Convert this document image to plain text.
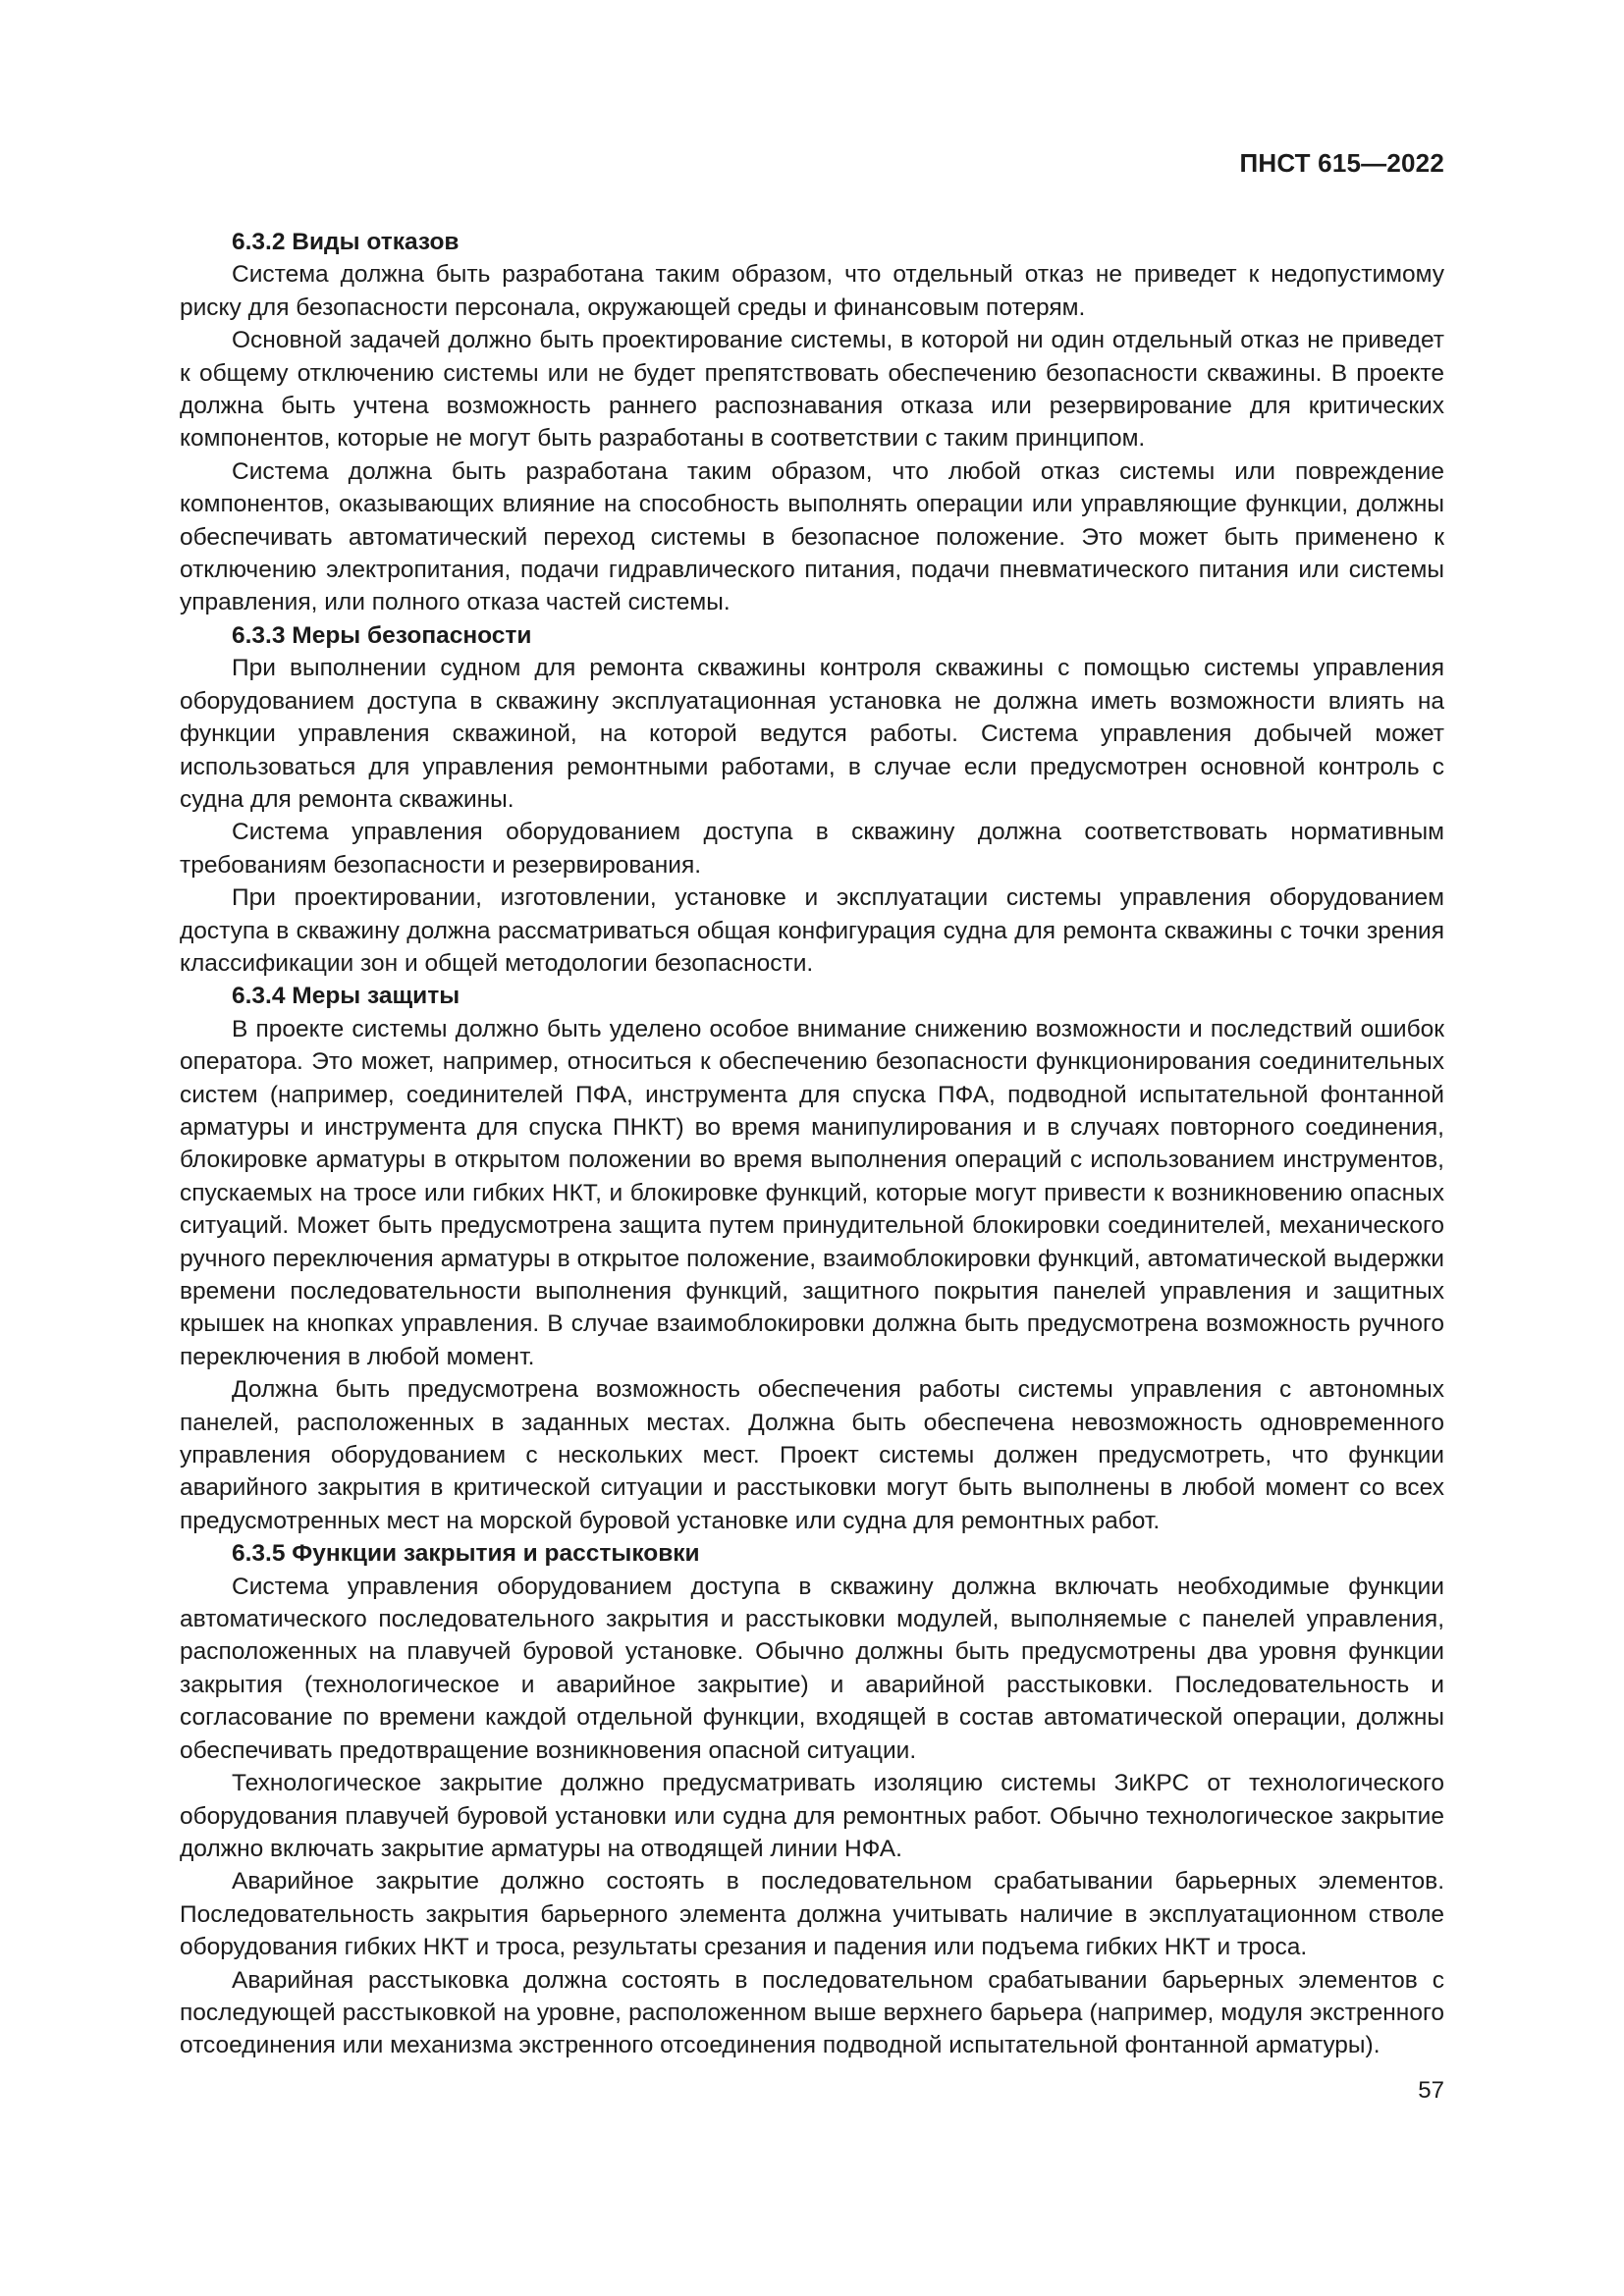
ПНСТ 615—2022

6.3.2 Виды отказов

Система должна быть разработана таким образом, что отдельный отказ не приведет к недопустимому риску для безопасности персонала, окружающей среды и финансовым потерям.

Основной задачей должно быть проектирование системы, в которой ни один отдельный отказ не приведет к общему отключению системы или не будет препятствовать обеспечению безопасности скважины. В проекте должна быть учтена возможность раннего распознавания отказа или резервирование для критических компонентов, которые не могут быть разработаны в соответствии с таким принципом.

Система должна быть разработана таким образом, что любой отказ системы или повреждение компонентов, оказывающих влияние на способность выполнять операции или управляющие функции, должны обеспечивать автоматический переход системы в безопасное положение. Это может быть применено к отключению электропитания, подачи гидравлического питания, подачи пневматического питания или системы управления, или полного отказа частей системы.

6.3.3 Меры безопасности

При выполнении судном для ремонта скважины контроля скважины с помощью системы управления оборудованием доступа в скважину эксплуатационная установка не должна иметь возможности влиять на функции управления скважиной, на которой ведутся работы. Система управления добычей может использоваться для управления ремонтными работами, в случае если предусмотрен основной контроль с судна для ремонта скважины.

Система управления оборудованием доступа в скважину должна соответствовать нормативным требованиям безопасности и резервирования.

При проектировании, изготовлении, установке и эксплуатации системы управления оборудованием доступа в скважину должна рассматриваться общая конфигурация судна для ремонта скважины с точки зрения классификации зон и общей методологии безопасности.

6.3.4 Меры защиты

В проекте системы должно быть уделено особое внимание снижению возможности и последствий ошибок оператора. Это может, например, относиться к обеспечению безопасности функционирования соединительных систем (например, соединителей ПФА, инструмента для спуска ПФА, подводной испытательной фонтанной арматуры и инструмента для спуска ПНКТ) во время манипулирования и в случаях повторного соединения, блокировке арматуры в открытом положении во время выполнения операций с использованием инструментов, спускаемых на тросе или гибких НКТ, и блокировке функций, которые могут привести к возникновению опасных ситуаций. Может быть предусмотрена защита путем принудительной блокировки соединителей, механического ручного переключения арматуры в открытое положение, взаимоблокировки функций, автоматической выдержки времени последовательности выполнения функций, защитного покрытия панелей управления и защитных крышек на кнопках управления. В случае взаимоблокировки должна быть предусмотрена возможность ручного переключения в любой момент.

Должна быть предусмотрена возможность обеспечения работы системы управления с автономных панелей, расположенных в заданных местах. Должна быть обеспечена невозможность одновременного управления оборудованием с нескольких мест. Проект системы должен предусмотреть, что функции аварийного закрытия в критической ситуации и расстыковки могут быть выполнены в любой момент со всех предусмотренных мест на морской буровой установке или судна для ремонтных работ.

6.3.5 Функции закрытия и расстыковки

Система управления оборудованием доступа в скважину должна включать необходимые функции автоматического последовательного закрытия и расстыковки модулей, выполняемые с панелей управления, расположенных на плавучей буровой установке. Обычно должны быть предусмотрены два уровня функции закрытия (технологическое и аварийное закрытие) и аварийной расстыковки. Последовательность и согласование по времени каждой отдельной функции, входящей в состав автоматической операции, должны обеспечивать предотвращение возникновения опасной ситуации.

Технологическое закрытие должно предусматривать изоляцию системы ЗиКРС от технологического оборудования плавучей буровой установки или судна для ремонтных работ. Обычно технологическое закрытие должно включать закрытие арматуры на отводящей линии НФА.

Аварийное закрытие должно состоять в последовательном срабатывании барьерных элементов. Последовательность закрытия барьерного элемента должна учитывать наличие в эксплуатационном стволе оборудования гибких НКТ и троса, результаты срезания и падения или подъема гибких НКТ и троса.

Аварийная расстыковка должна состоять в последовательном срабатывании барьерных элементов с последующей расстыковкой на уровне, расположенном выше верхнего барьера (например, модуля экстренного отсоединения или механизма экстренного отсоединения подводной испытательной фонтанной арматуры).

57
